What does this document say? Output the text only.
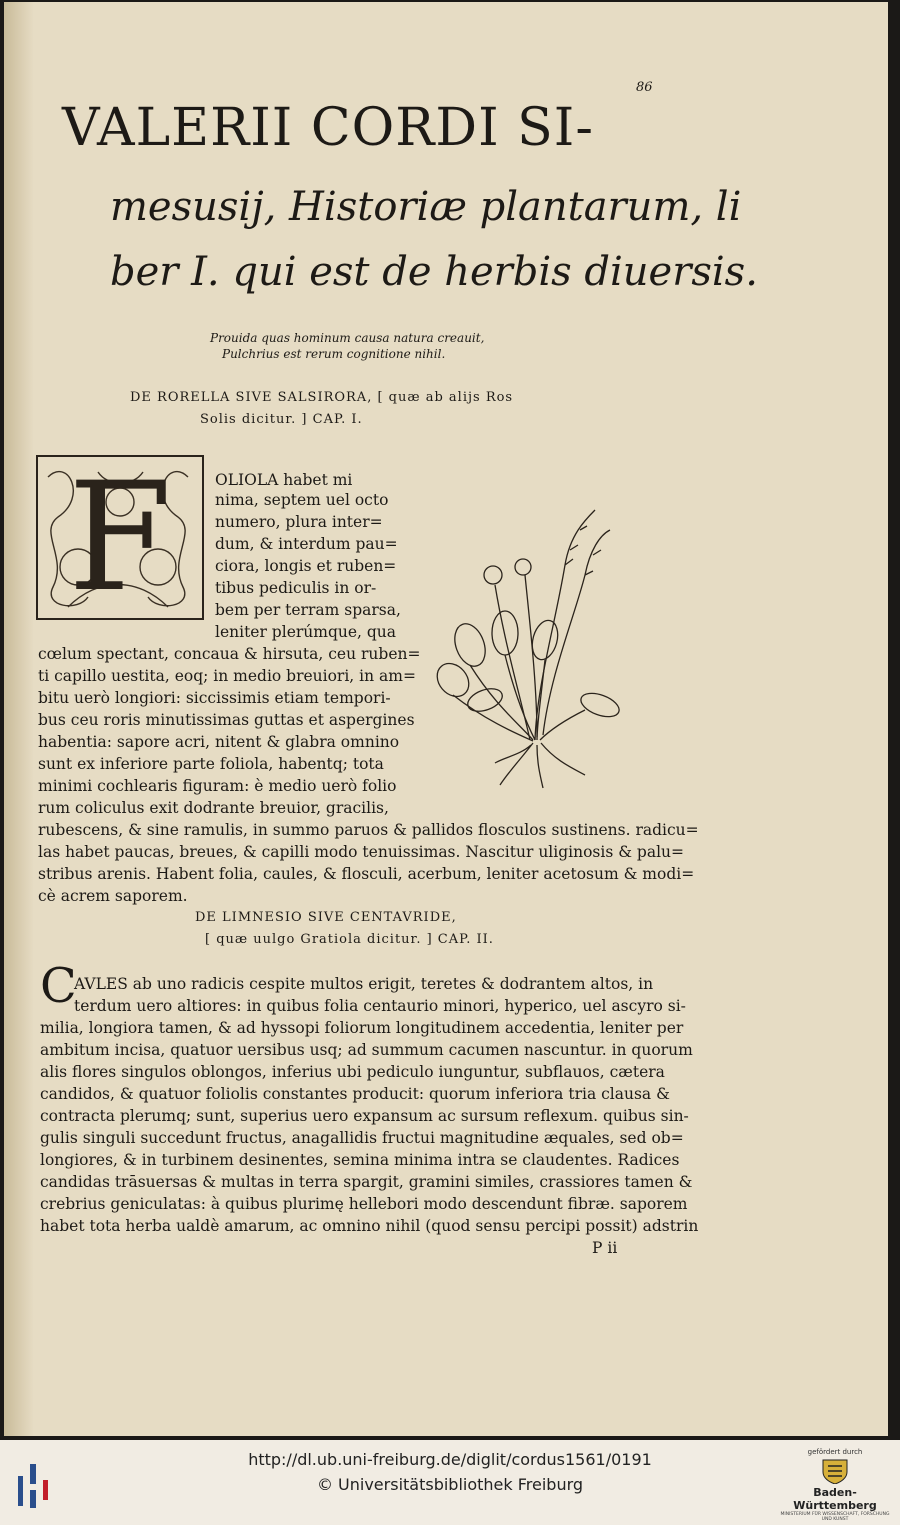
86
VALERII CORDI SI-
mesusij, Historiæ plantarum, li
ber I. qui est de herbis diuersis.
Prouida quas hominum causa natura creauit,
Pulchrius est rerum cognitione nihil.
DE RORELLA SIVE SALSIRORA, [ quæ ab alijs Ros
Solis dicitur. ] CAP. I.
F	OLIOLA habet mi
nima, septem uel octo
numero, plura inter=
dum, & interdum pau=
ciora, longis et ruben=
tibus pediculis in or-
bem per terram sparsa,
leniter plerúmque, qua
cœlum spectant, concaua & hirsuta, ceu ruben=
ti capillo uestita, eoq; in medio breuiori, in am=
bitu uerò longiori: siccissimis etiam tempori-
bus ceu roris minutissimas guttas et aspergines
habentia: sapore acri, nitent & glabra omnino
sunt ex inferiore parte foliola, habentq; tota
minimi cochlearis figuram: è medio uerò folio
rum coliculus exit dodrante breuior, gracilis,
rubescens, & sine ramulis, in summo paruos & pallidos flosculos sustinens. radicu=
las habet paucas, breues, & capilli modo tenuissimas. Nascitur uliginosis & palu=
stribus arenis. Habent folia, caules, & flosculi, acerbum, leniter acetosum & modi=
cè acrem saporem.
DE LIMNESIO SIVE CENTAVRIDE,
[ quæ uulgo Gratiola dicitur. ] CAP. II.
C
AVLES ab uno radicis cespite multos erigit, teretes & dodrantem altos, in
terdum uero altiores: in quibus folia centaurio minori, hyperico, uel ascyro si-
milia, longiora tamen, & ad hyssopi foliorum longitudinem accedentia, leniter per
ambitum incisa, quatuor uersibus usq; ad summum cacumen nascuntur. in quorum
alis flores singulos oblongos, inferius ubi pediculo iunguntur, subflauos, cætera
candidos, & quatuor foliolis constantes producit: quorum inferiora tria clausa &
contracta plerumq; sunt, superius uero expansum ac sursum reflexum. quibus sin-
gulis singuli succedunt fructus, anagallidis fructui magnitudine æquales, sed ob=
longiores, & in turbinem desinentes, semina minima intra se claudentes. Radices
candidas trāsuersas & multas in terra spargit, gramini similes, crassiores tamen &
crebrius geniculatas: à quibus plurimę hellebori modo descendunt fibræ. saporem
habet tota herba ualdè amarum, ac omnino nihil (quod sensu percipi possit) adstrin
P ii
http://dl.ub.uni-freiburg.de/diglit/cordus1561/0191
© Universitätsbibliothek Freiburg
gefördert durch
Baden-Württemberg
MINISTERIUM FÜR WISSENSCHAFT, FORSCHUNG UND KUNST
